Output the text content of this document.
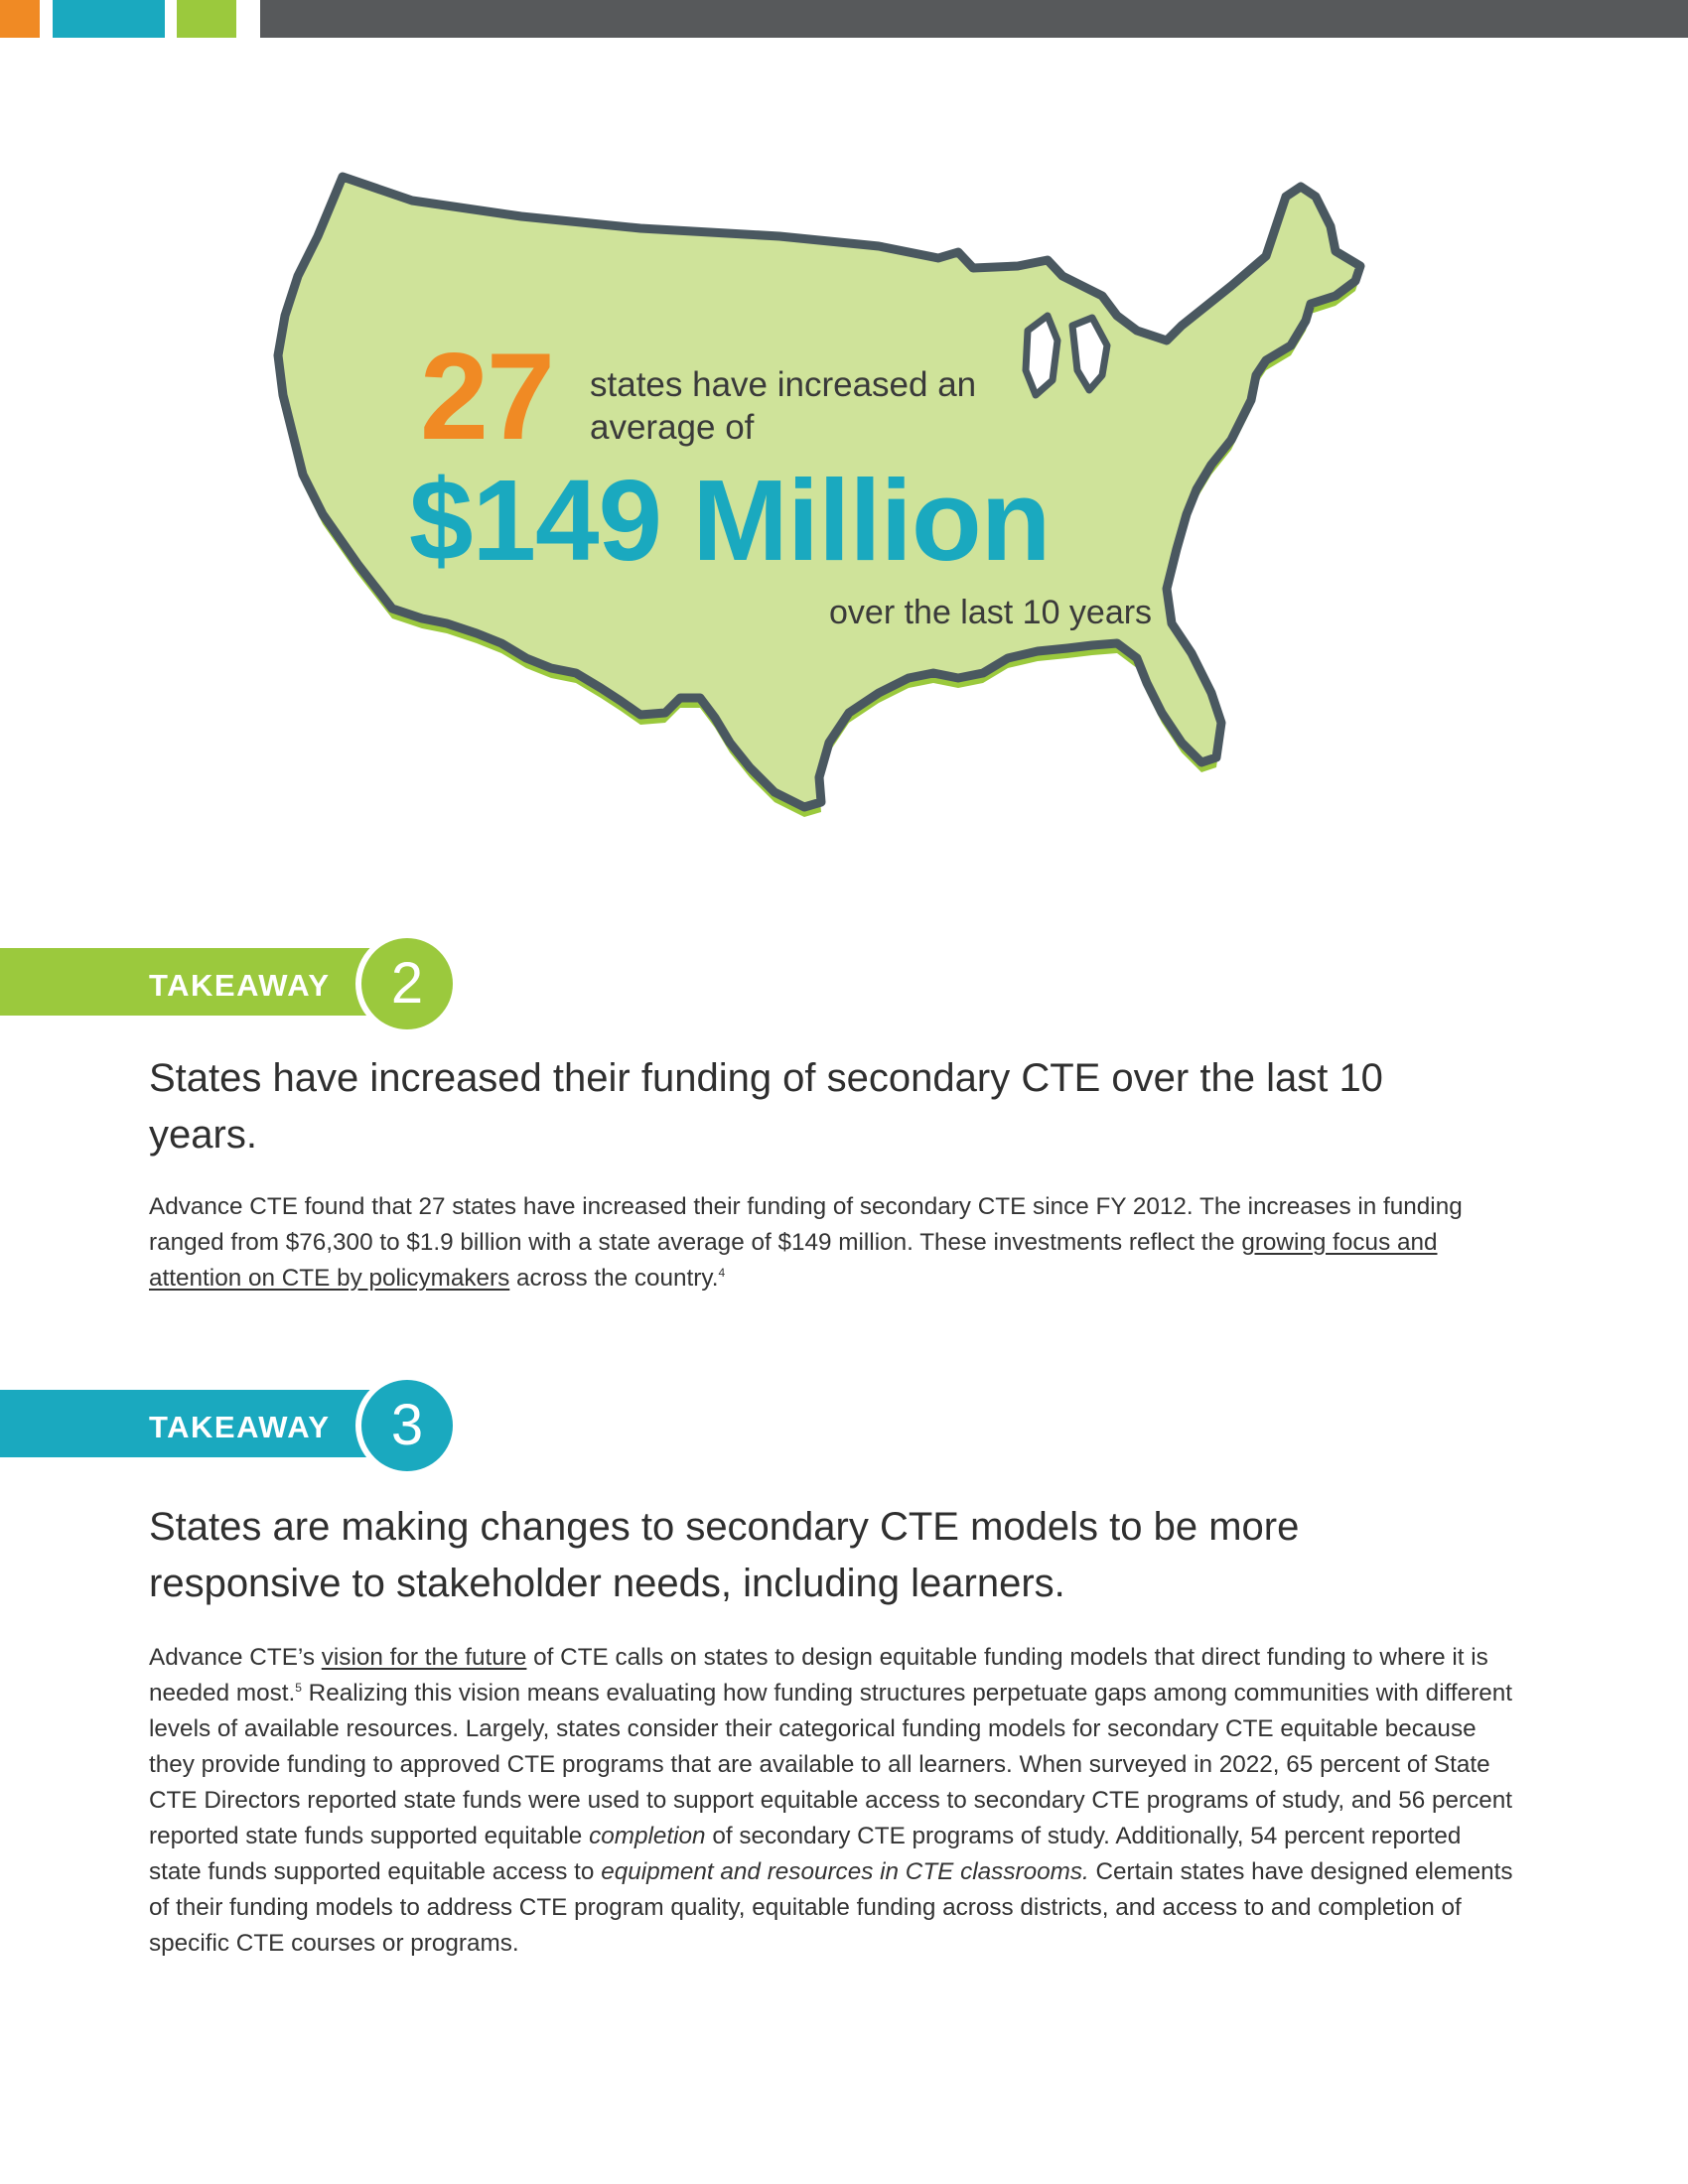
27 states have increased an average of
$149 Million
over the last 10 years
TAKEAWAY	2
States have increased their funding of secondary CTE over the last 10 years.

Advance CTE found that 27 states have increased their funding of secondary CTE since FY 2012. The increases in funding ranged from $76,300 to $1.9 billion with a state average of $149 million. These investments reflect the growing focus and attention on CTE by policymakers across the country.$^4$

TAKEAWAY	3
States are making changes to secondary CTE models to be more responsive to stakeholder needs, including learners.

Advance CTE’s vision for the future of CTE calls on states to design equitable funding models that direct funding to where it is needed most.$^5$ Realizing this vision means evaluating how funding structures perpetuate gaps among communities with different levels of available resources. Largely, states consider their categorical funding models for secondary CTE equitable because they provide funding to approved CTE programs that are available to all learners. When surveyed in 2022, 65 percent of State CTE Directors reported state funds were used to support equitable access to secondary CTE programs of study, and 56 percent reported state funds supported equitable completion of secondary CTE programs of study. Additionally, 54 percent reported state funds supported equitable access to equipment and resources in CTE classrooms. Certain states have designed elements of their funding models to address CTE program quality, equitable funding across districts, and access to and completion of specific CTE courses or programs.
